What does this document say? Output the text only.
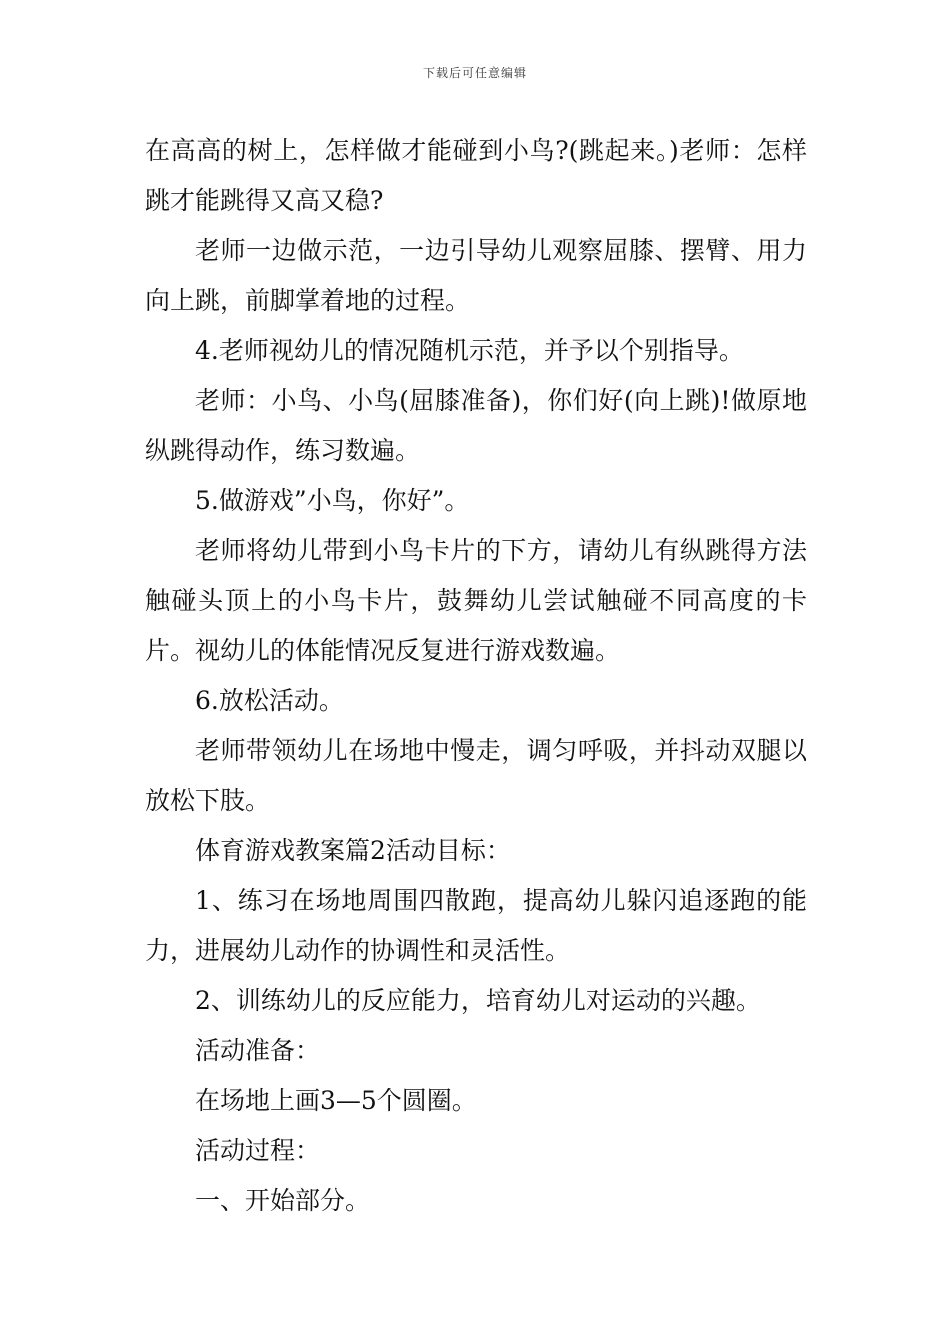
下载后可任意编辑

在高高的树上，怎样做才能碰到小鸟?(跳起来。)老师：怎样跳才能跳得又高又稳?

老师一边做示范，一边引导幼儿观察屈膝、摆臂、用力向上跳，前脚掌着地的过程。

4.老师视幼儿的情况随机示范，并予以个别指导。

老师：小鸟、小鸟(屈膝准备)，你们好(向上跳)!做原地纵跳得动作，练习数遍。

5.做游戏”小鸟，你好”。

老师将幼儿带到小鸟卡片的下方，请幼儿有纵跳得方法触碰头顶上的小鸟卡片，鼓舞幼儿尝试触碰不同高度的卡片。视幼儿的体能情况反复进行游戏数遍。

6.放松活动。

老师带领幼儿在场地中慢走，调匀呼吸，并抖动双腿以放松下肢。

体育游戏教案篇2活动目标：

1、练习在场地周围四散跑，提高幼儿躲闪追逐跑的能力，进展幼儿动作的协调性和灵活性。

2、训练幼儿的反应能力，培育幼儿对运动的兴趣。

活动准备：

在场地上画3—5个圆圈。

活动过程：

一、开始部分。
